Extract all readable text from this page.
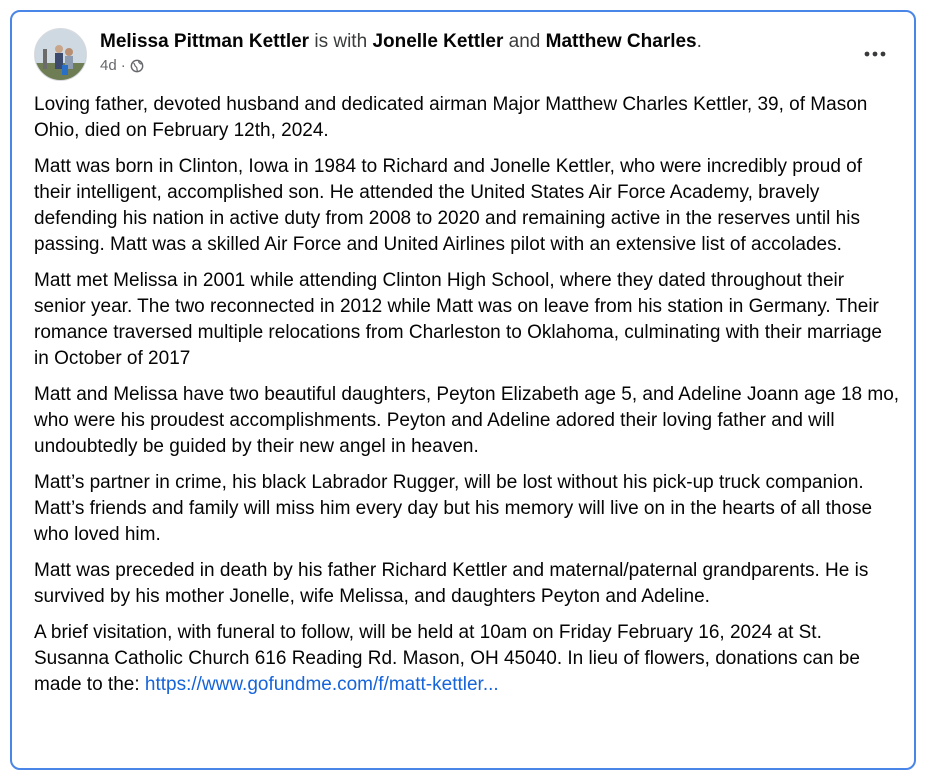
Melissa Pittman Kettler is with Jonelle Kettler and Matthew Charles.
4d ·

Loving father, devoted husband and dedicated airman Major Matthew Charles Kettler, 39, of Mason Ohio, died on February 12th, 2024.

Matt was born in Clinton, Iowa in 1984 to Richard and Jonelle Kettler, who were incredibly proud of their intelligent, accomplished son. He attended the United States Air Force Academy, bravely defending his nation in active duty from 2008 to 2020 and remaining active in the reserves until his passing. Matt was a skilled Air Force and United Airlines pilot with an extensive list of accolades.

Matt met Melissa in 2001 while attending Clinton High School, where they dated throughout their senior year. The two reconnected in 2012 while Matt was on leave from his station in Germany. Their romance traversed multiple relocations from Charleston to Oklahoma, culminating with their marriage in October of 2017

Matt and Melissa have two beautiful daughters, Peyton Elizabeth age 5, and Adeline Joann age 18 mo, who were his proudest accomplishments. Peyton and Adeline adored their loving father and will undoubtedly be guided by their new angel in heaven.

Matt’s partner in crime, his black Labrador Rugger, will be lost without his pick-up truck companion. Matt’s friends and family will miss him every day but his memory will live on in the hearts of all those who loved him.

Matt was preceded in death by his father Richard Kettler and maternal/paternal grandparents. He is survived by his mother Jonelle, wife Melissa, and daughters Peyton and Adeline.

A brief visitation, with funeral to follow, will be held at 10am on Friday February 16, 2024 at St. Susanna Catholic Church 616 Reading Rd. Mason, OH 45040. In lieu of flowers, donations can be made to the: https://www.gofundme.com/f/matt-kettler...
